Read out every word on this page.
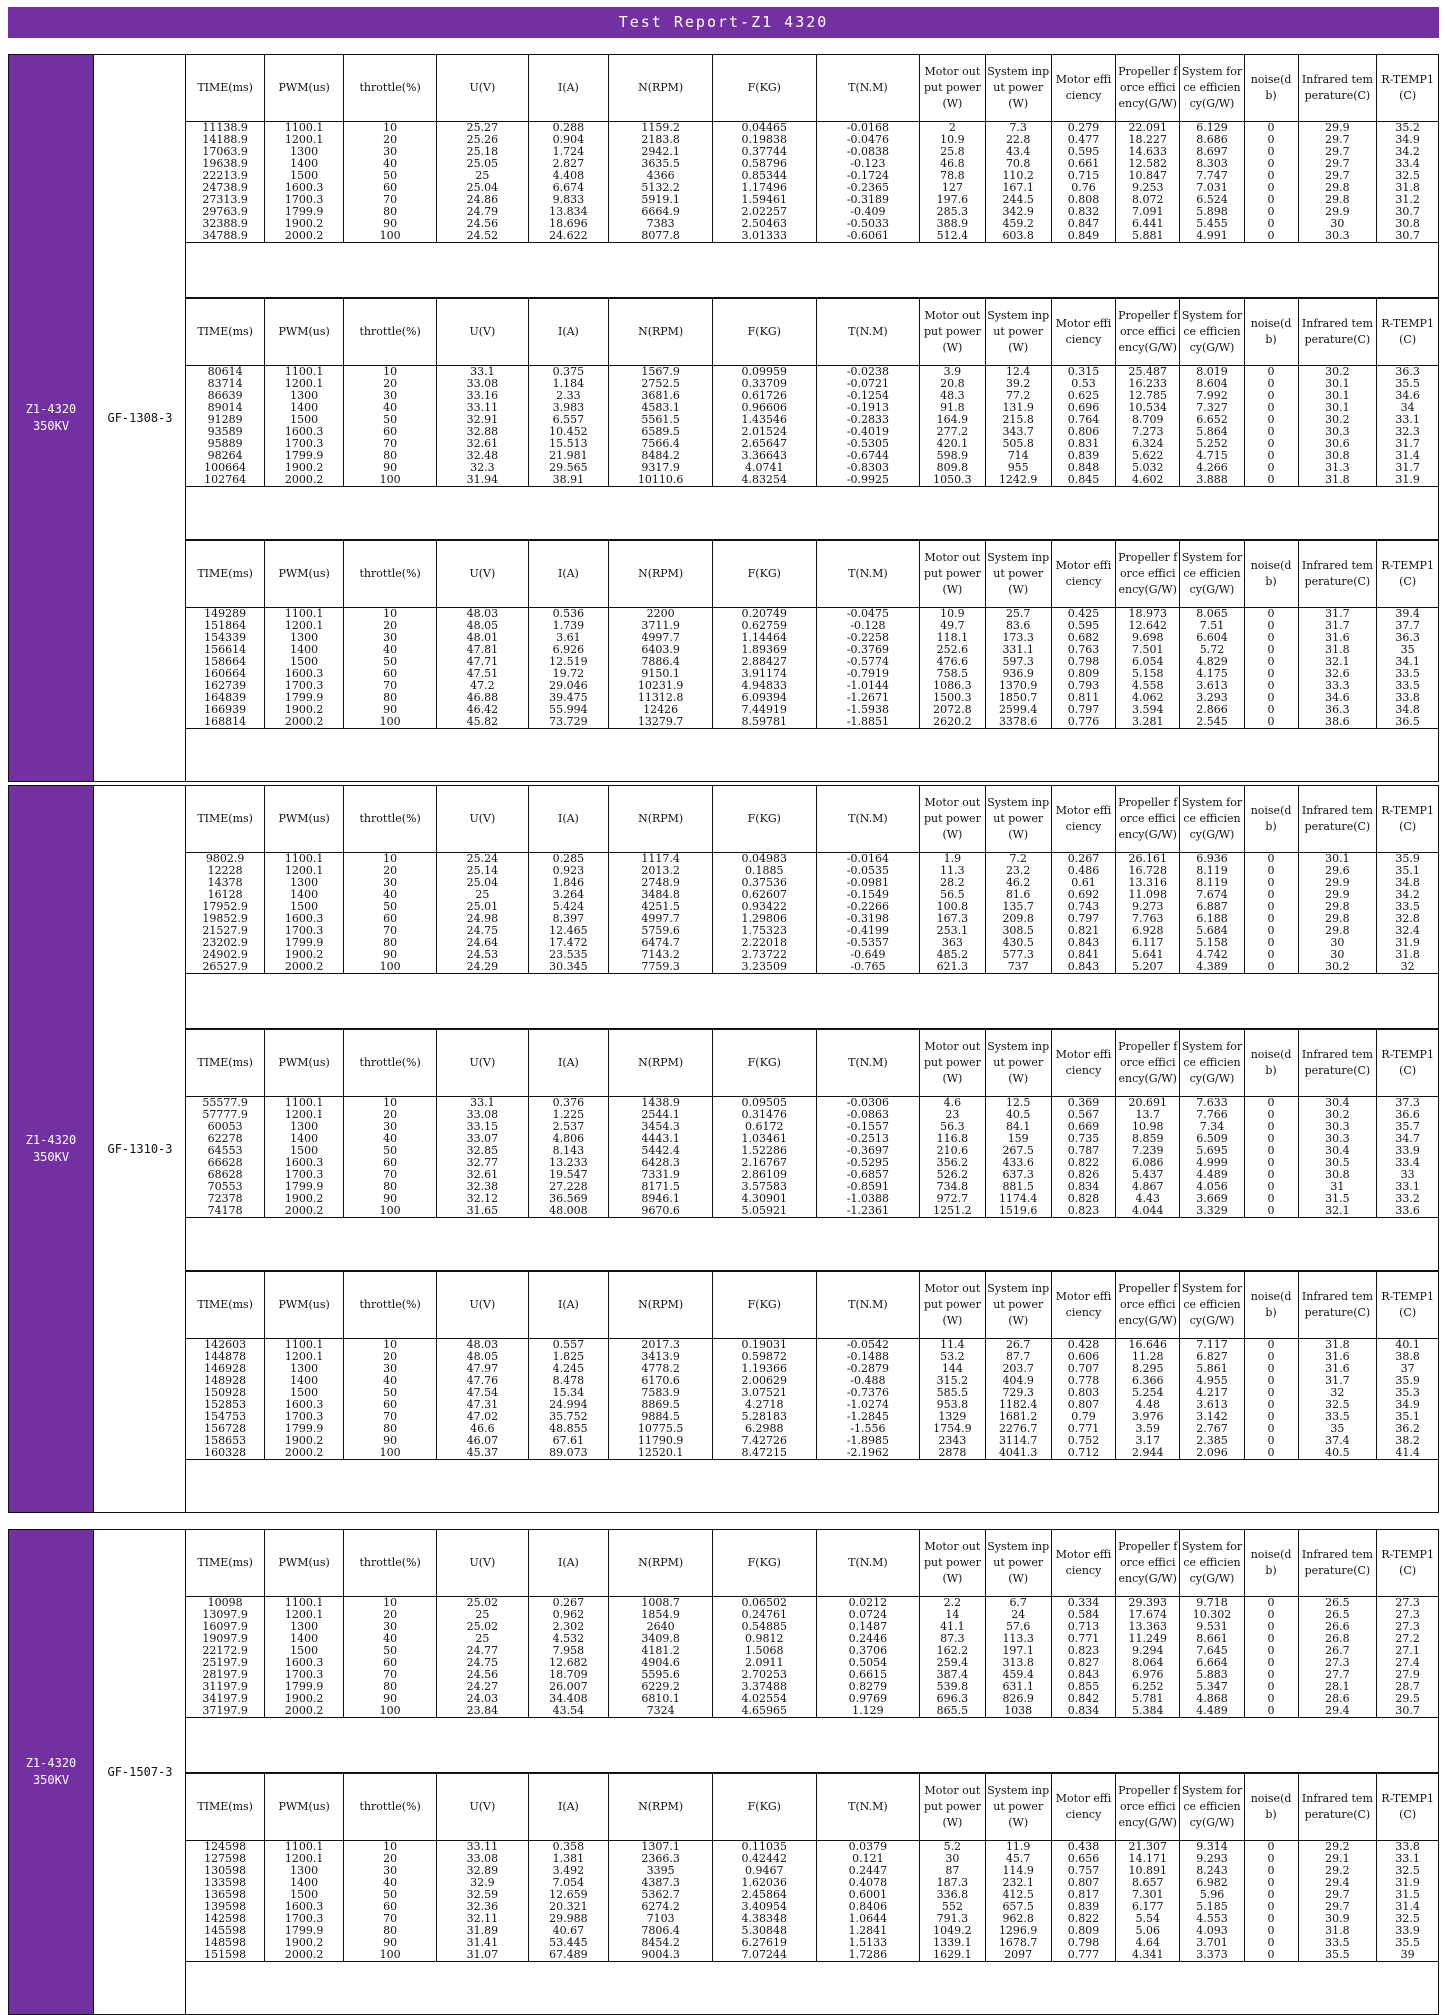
Test Report-Z1 4320
Z1-4320
350KV
GF-1308-3
TIME(ms)	PWM(us)	throttle(%)	U(V)	I(A)	N(RPM)	F(KG)	T(N.M)	Motor output power(W)	System input power(W)	Motor efficiency	Propeller force efficiency(G/W)	System force efficiency(G/W)	noise(db)	Infrared temperature(C)	R-TEMP1(C)
11138.9	1100.1	10	25.27	0.288	1159.2	0.04465	-0.0168	2	7.3	0.279	22.091	6.129	0	29.9	35.2
14188.9	1200.1	20	25.26	0.904	2183.8	0.19838	-0.0476	10.9	22.8	0.477	18.227	8.686	0	29.7	34.9
17063.9	1300	30	25.18	1.724	2942.1	0.37744	-0.0838	25.8	43.4	0.595	14.633	8.697	0	29.7	34.2
19638.9	1400	40	25.05	2.827	3635.5	0.58796	-0.123	46.8	70.8	0.661	12.582	8.303	0	29.7	33.4
22213.9	1500	50	25	4.408	4366	0.85344	-0.1724	78.8	110.2	0.715	10.847	7.747	0	29.7	32.5
24738.9	1600.3	60	25.04	6.674	5132.2	1.17496	-0.2365	127	167.1	0.76	9.253	7.031	0	29.8	31.8
27313.9	1700.3	70	24.86	9.833	5919.1	1.59461	-0.3189	197.6	244.5	0.808	8.072	6.524	0	29.8	31.2
29763.9	1799.9	80	24.79	13.834	6664.9	2.02257	-0.409	285.3	342.9	0.832	7.091	5.898	0	29.9	30.7
32388.9	1900.2	90	24.56	18.696	7383	2.50463	-0.5033	388.9	459.2	0.847	6.441	5.455	0	30	30.8
34788.9	2000.2	100	24.52	24.622	8077.8	3.01333	-0.6061	512.4	603.8	0.849	5.881	4.991	0	30.3	30.7
TIME(ms)	PWM(us)	throttle(%)	U(V)	I(A)	N(RPM)	F(KG)	T(N.M)	Motor output power(W)	System input power(W)	Motor efficiency	Propeller force efficiency(G/W)	System force efficiency(G/W)	noise(db)	Infrared temperature(C)	R-TEMP1(C)
80614	1100.1	10	33.1	0.375	1567.9	0.09959	-0.0238	3.9	12.4	0.315	25.487	8.019	0	30.2	36.3
83714	1200.1	20	33.08	1.184	2752.5	0.33709	-0.0721	20.8	39.2	0.53	16.233	8.604	0	30.1	35.5
86639	1300	30	33.16	2.33	3681.6	0.61726	-0.1254	48.3	77.2	0.625	12.785	7.992	0	30.1	34.6
89014	1400	40	33.11	3.983	4583.1	0.96606	-0.1913	91.8	131.9	0.696	10.534	7.327	0	30.1	34
91289	1500	50	32.91	6.557	5561.5	1.43546	-0.2833	164.9	215.8	0.764	8.709	6.652	0	30.2	33.1
93589	1600.3	60	32.88	10.452	6589.5	2.01524	-0.4019	277.2	343.7	0.806	7.273	5.864	0	30.3	32.3
95889	1700.3	70	32.61	15.513	7566.4	2.65647	-0.5305	420.1	505.8	0.831	6.324	5.252	0	30.6	31.7
98264	1799.9	80	32.48	21.981	8484.2	3.36643	-0.6744	598.9	714	0.839	5.622	4.715	0	30.8	31.4
100664	1900.2	90	32.3	29.565	9317.9	4.0741	-0.8303	809.8	955	0.848	5.032	4.266	0	31.3	31.7
102764	2000.2	100	31.94	38.91	10110.6	4.83254	-0.9925	1050.3	1242.9	0.845	4.602	3.888	0	31.8	31.9
TIME(ms)	PWM(us)	throttle(%)	U(V)	I(A)	N(RPM)	F(KG)	T(N.M)	Motor output power(W)	System input power(W)	Motor efficiency	Propeller force efficiency(G/W)	System force efficiency(G/W)	noise(db)	Infrared temperature(C)	R-TEMP1(C)
149289	1100.1	10	48.03	0.536	2200	0.20749	-0.0475	10.9	25.7	0.425	18.973	8.065	0	31.7	39.4
151864	1200.1	20	48.05	1.739	3711.9	0.62759	-0.128	49.7	83.6	0.595	12.642	7.51	0	31.7	37.7
154339	1300	30	48.01	3.61	4997.7	1.14464	-0.2258	118.1	173.3	0.682	9.698	6.604	0	31.6	36.3
156614	1400	40	47.81	6.926	6403.9	1.89369	-0.3769	252.6	331.1	0.763	7.501	5.72	0	31.8	35
158664	1500	50	47.71	12.519	7886.4	2.88427	-0.5774	476.6	597.3	0.798	6.054	4.829	0	32.1	34.1
160664	1600.3	60	47.51	19.72	9150.1	3.91174	-0.7919	758.5	936.9	0.809	5.158	4.175	0	32.6	33.5
162739	1700.3	70	47.2	29.046	10231.9	4.94833	-1.0144	1086.3	1370.9	0.793	4.558	3.613	0	33.3	33.5
164839	1799.9	80	46.88	39.475	11312.8	6.09394	-1.2671	1500.3	1850.7	0.811	4.062	3.293	0	34.6	33.8
166939	1900.2	90	46.42	55.994	12426	7.44919	-1.5938	2072.8	2599.4	0.797	3.594	2.866	0	36.3	34.8
168814	2000.2	100	45.82	73.729	13279.7	8.59781	-1.8851	2620.2	3378.6	0.776	3.281	2.545	0	38.6	36.5
Z1-4320
350KV
GF-1310-3
TIME(ms)	PWM(us)	throttle(%)	U(V)	I(A)	N(RPM)	F(KG)	T(N.M)	Motor output power(W)	System input power(W)	Motor efficiency	Propeller force efficiency(G/W)	System force efficiency(G/W)	noise(db)	Infrared temperature(C)	R-TEMP1(C)
9802.9	1100.1	10	25.24	0.285	1117.4	0.04983	-0.0164	1.9	7.2	0.267	26.161	6.936	0	30.1	35.9
12228	1200.1	20	25.14	0.923	2013.2	0.1885	-0.0535	11.3	23.2	0.486	16.728	8.119	0	29.6	35.1
14378	1300	30	25.04	1.846	2748.9	0.37536	-0.0981	28.2	46.2	0.61	13.316	8.119	0	29.9	34.8
16128	1400	40	25	3.264	3484.8	0.62607	-0.1549	56.5	81.6	0.692	11.098	7.674	0	29.9	34.2
17952.9	1500	50	25.01	5.424	4251.5	0.93422	-0.2266	100.8	135.7	0.743	9.273	6.887	0	29.8	33.5
19852.9	1600.3	60	24.98	8.397	4997.7	1.29806	-0.3198	167.3	209.8	0.797	7.763	6.188	0	29.8	32.8
21527.9	1700.3	70	24.75	12.465	5759.6	1.75323	-0.4199	253.1	308.5	0.821	6.928	5.684	0	29.8	32.4
23202.9	1799.9	80	24.64	17.472	6474.7	2.22018	-0.5357	363	430.5	0.843	6.117	5.158	0	30	31.9
24902.9	1900.2	90	24.53	23.535	7143.2	2.73722	-0.649	485.2	577.3	0.841	5.641	4.742	0	30	31.8
26527.9	2000.2	100	24.29	30.345	7759.3	3.23509	-0.765	621.3	737	0.843	5.207	4.389	0	30.2	32
TIME(ms)	PWM(us)	throttle(%)	U(V)	I(A)	N(RPM)	F(KG)	T(N.M)	Motor output power(W)	System input power(W)	Motor efficiency	Propeller force efficiency(G/W)	System force efficiency(G/W)	noise(db)	Infrared temperature(C)	R-TEMP1(C)
55577.9	1100.1	10	33.1	0.376	1438.9	0.09505	-0.0306	4.6	12.5	0.369	20.691	7.633	0	30.4	37.3
57777.9	1200.1	20	33.08	1.225	2544.1	0.31476	-0.0863	23	40.5	0.567	13.7	7.766	0	30.2	36.6
60053	1300	30	33.15	2.537	3454.3	0.6172	-0.1557	56.3	84.1	0.669	10.98	7.34	0	30.3	35.7
62278	1400	40	33.07	4.806	4443.1	1.03461	-0.2513	116.8	159	0.735	8.859	6.509	0	30.3	34.7
64553	1500	50	32.85	8.143	5442.4	1.52286	-0.3697	210.6	267.5	0.787	7.239	5.695	0	30.4	33.9
66628	1600.3	60	32.77	13.233	6428.3	2.16767	-0.5295	356.2	433.6	0.822	6.086	4.999	0	30.5	33.4
68628	1700.3	70	32.61	19.547	7331.9	2.86109	-0.6857	526.2	637.3	0.826	5.437	4.489	0	30.8	33
70553	1799.9	80	32.38	27.228	8171.5	3.57583	-0.8591	734.8	881.5	0.834	4.867	4.056	0	31	33.1
72378	1900.2	90	32.12	36.569	8946.1	4.30901	-1.0388	972.7	1174.4	0.828	4.43	3.669	0	31.5	33.2
74178	2000.2	100	31.65	48.008	9670.6	5.05921	-1.2361	1251.2	1519.6	0.823	4.044	3.329	0	32.1	33.6
TIME(ms)	PWM(us)	throttle(%)	U(V)	I(A)	N(RPM)	F(KG)	T(N.M)	Motor output power(W)	System input power(W)	Motor efficiency	Propeller force efficiency(G/W)	System force efficiency(G/W)	noise(db)	Infrared temperature(C)	R-TEMP1(C)
142603	1100.1	10	48.03	0.557	2017.3	0.19031	-0.0542	11.4	26.7	0.428	16.646	7.117	0	31.8	40.1
144878	1200.1	20	48.05	1.825	3413.9	0.59872	-0.1488	53.2	87.7	0.606	11.28	6.827	0	31.6	38.8
146928	1300	30	47.97	4.245	4778.2	1.19366	-0.2879	144	203.7	0.707	8.295	5.861	0	31.6	37
148928	1400	40	47.76	8.478	6170.6	2.00629	-0.488	315.2	404.9	0.778	6.366	4.955	0	31.7	35.9
150928	1500	50	47.54	15.34	7583.9	3.07521	-0.7376	585.5	729.3	0.803	5.254	4.217	0	32	35.3
152853	1600.3	60	47.31	24.994	8869.5	4.2718	-1.0274	953.8	1182.4	0.807	4.48	3.613	0	32.5	34.9
154753	1700.3	70	47.02	35.752	9884.5	5.28183	-1.2845	1329	1681.2	0.79	3.976	3.142	0	33.5	35.1
156728	1799.9	80	46.6	48.855	10775.5	6.2988	-1.556	1754.9	2276.7	0.771	3.59	2.767	0	35	36.2
158653	1900.2	90	46.07	67.61	11790.9	7.42726	-1.8985	2343	3114.7	0.752	3.17	2.385	0	37.4	38.2
160328	2000.2	100	45.37	89.073	12520.1	8.47215	-2.1962	2878	4041.3	0.712	2.944	2.096	0	40.5	41.4
Z1-4320
350KV
GF-1507-3
TIME(ms)	PWM(us)	throttle(%)	U(V)	I(A)	N(RPM)	F(KG)	T(N.M)	Motor output power(W)	System input power(W)	Motor efficiency	Propeller force efficiency(G/W)	System force efficiency(G/W)	noise(db)	Infrared temperature(C)	R-TEMP1(C)
10098	1100.1	10	25.02	0.267	1008.7	0.06502	0.0212	2.2	6.7	0.334	29.393	9.718	0	26.5	27.3
13097.9	1200.1	20	25	0.962	1854.9	0.24761	0.0724	14	24	0.584	17.674	10.302	0	26.5	27.3
16097.9	1300	30	25.02	2.302	2640	0.54885	0.1487	41.1	57.6	0.713	13.363	9.531	0	26.6	27.3
19097.9	1400	40	25	4.532	3409.8	0.9812	0.2446	87.3	113.3	0.771	11.249	8.661	0	26.8	27.2
22172.9	1500	50	24.77	7.958	4181.2	1.5068	0.3706	162.2	197.1	0.823	9.294	7.645	0	26.7	27.1
25197.9	1600.3	60	24.75	12.682	4904.6	2.0911	0.5054	259.4	313.8	0.827	8.064	6.664	0	27.3	27.4
28197.9	1700.3	70	24.56	18.709	5595.6	2.70253	0.6615	387.4	459.4	0.843	6.976	5.883	0	27.7	27.9
31197.9	1799.9	80	24.27	26.007	6229.2	3.37488	0.8279	539.8	631.1	0.855	6.252	5.347	0	28.1	28.7
34197.9	1900.2	90	24.03	34.408	6810.1	4.02554	0.9769	696.3	826.9	0.842	5.781	4.868	0	28.6	29.5
37197.9	2000.2	100	23.84	43.54	7324	4.65965	1.129	865.5	1038	0.834	5.384	4.489	0	29.4	30.7
TIME(ms)	PWM(us)	throttle(%)	U(V)	I(A)	N(RPM)	F(KG)	T(N.M)	Motor output power(W)	System input power(W)	Motor efficiency	Propeller force efficiency(G/W)	System force efficiency(G/W)	noise(db)	Infrared temperature(C)	R-TEMP1(C)
124598	1100.1	10	33.11	0.358	1307.1	0.11035	0.0379	5.2	11.9	0.438	21.307	9.314	0	29.2	33.8
127598	1200.1	20	33.08	1.381	2366.3	0.42442	0.121	30	45.7	0.656	14.171	9.293	0	29.1	33.1
130598	1300	30	32.89	3.492	3395	0.9467	0.2447	87	114.9	0.757	10.891	8.243	0	29.2	32.5
133598	1400	40	32.9	7.054	4387.3	1.62036	0.4078	187.3	232.1	0.807	8.657	6.982	0	29.4	31.9
136598	1500	50	32.59	12.659	5362.7	2.45864	0.6001	336.8	412.5	0.817	7.301	5.96	0	29.7	31.5
139598	1600.3	60	32.36	20.321	6274.2	3.40954	0.8406	552	657.5	0.839	6.177	5.185	0	29.7	31.4
142598	1700.3	70	32.11	29.988	7103	4.38348	1.0644	791.3	962.8	0.822	5.54	4.553	0	30.9	32.5
145598	1799.9	80	31.89	40.67	7806.4	5.30848	1.2841	1049.2	1296.9	0.809	5.06	4.093	0	31.8	33.9
148598	1900.2	90	31.41	53.445	8454.2	6.27619	1.5133	1339.1	1678.7	0.798	4.64	3.701	0	33.5	35.5
151598	2000.2	100	31.07	67.489	9004.3	7.07244	1.7286	1629.1	2097	0.777	4.341	3.373	0	35.5	39
